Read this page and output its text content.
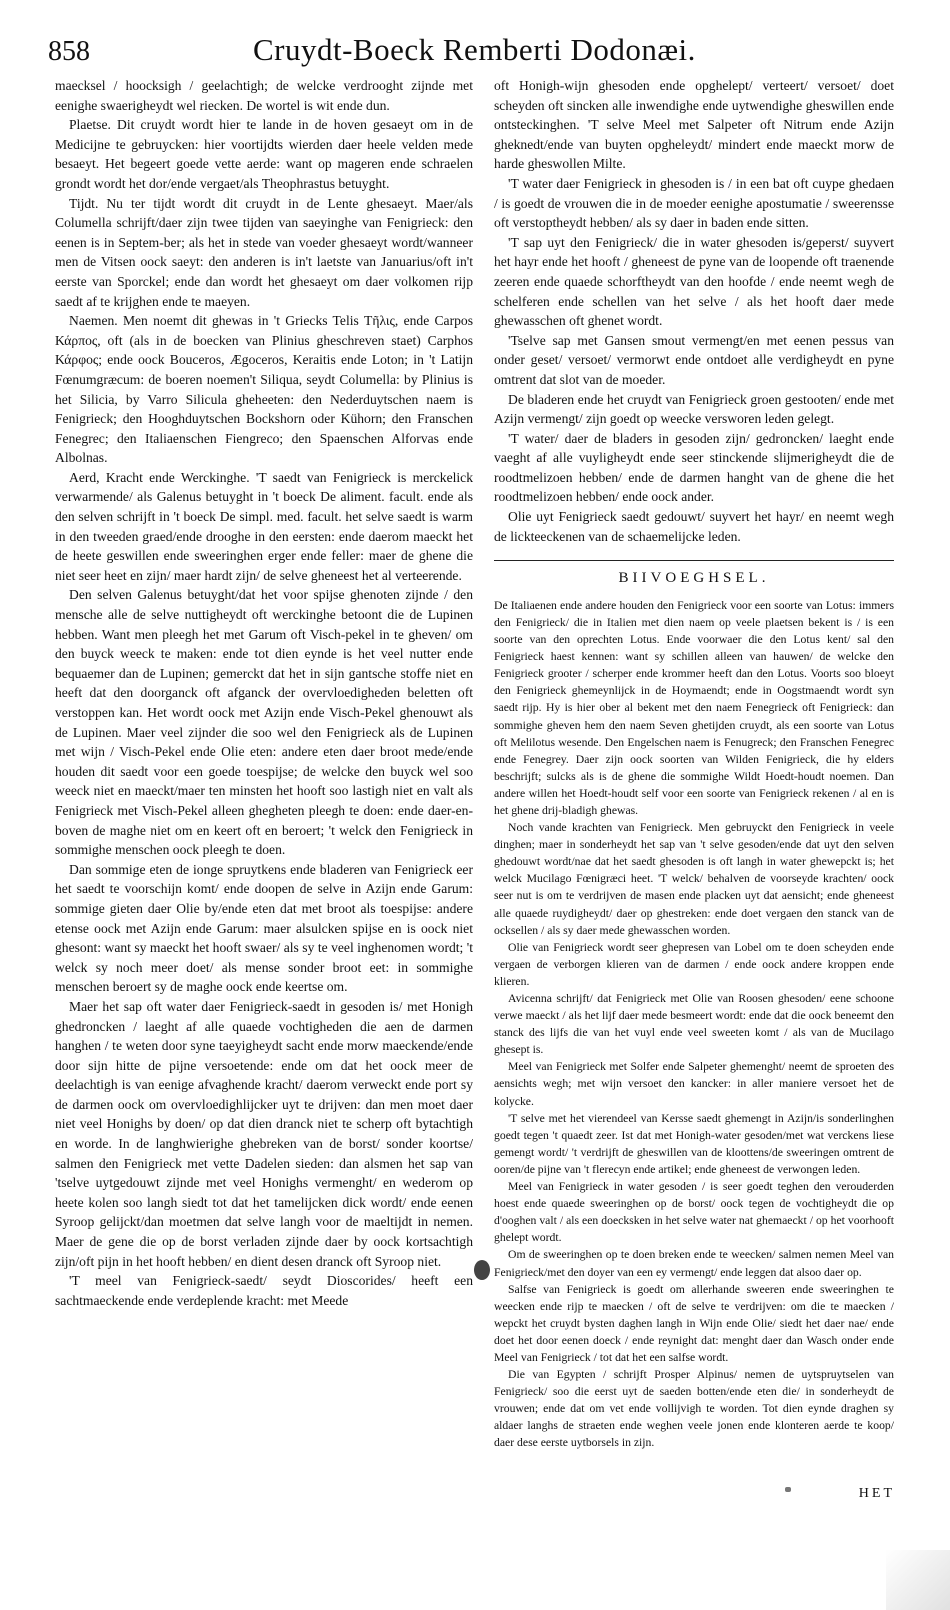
858	Cruydt-Boeck Remberti Dodonæi.

maecksel / hoocksigh / geelachtigh; de welcke verdrooght zijnde met eenighe swaerigheydt wel riecken. De wortel is wit ende dun.

Plaetse. Dit cruydt wordt hier te lande in de hoven gesaeyt om in de Medicijne te gebruycken: hier voortijdts wierden daer heele velden mede besaeyt. Het begeert goede vette aerde: want op mageren ende schraelen grondt wordt het dor/ende vergaet/als Theophrastus betuyght.

Tijdt. Nu ter tijdt wordt dit cruydt in de Lente ghesaeyt. Maer/als Columella schrijft/daer zijn twee tijden van saeyinghe van Fenigrieck: den eenen is in Septem-ber; als het in stede van voeder ghesaeyt wordt/wanneer men de Vitsen oock saeyt: den anderen is in't laetste van Januarius/oft in't eerste van Sporckel; ende dan wordt het ghesaeyt om daer volkomen rijp saedt af te krijghen ende te maeyen.

Naemen. Men noemt dit ghewas in 't Griecks Telis Τῆλις, ende Carpos Κάρπος, oft (als in de boecken van Plinius gheschreven staet) Carphos Κάρφος; ende oock Bouceros, Ægoceros, Keraitis ende Loton; in 't Latijn Fœnumgræcum: de boeren noemen't Siliqua, seydt Columella: by Plinius is het Silicia, by Varro Silicula gheheeten: den Nederduytschen naem is Fenigrieck; den Hooghduytschen Bockshorn oder Kühorn; den Franschen Fenegrec; den Italiaenschen Fiengreco; den Spaenschen Alforvas ende Albolnas.

Aerd, Kracht ende Werckinghe. 'T saedt van Fenigrieck is merckelick verwarmende/ als Galenus betuyght in 't boeck De aliment. facult. ende als den selven schrijft in 't boeck De simpl. med. facult. het selve saedt is warm in den tweeden graed/ende drooghe in den eersten: ende daerom maeckt het de heete geswillen ende sweeringhen erger ende feller: maer de ghene die niet seer heet en zijn/ maer hardt zijn/ de selve gheneest het al verteerende.

Den selven Galenus betuyght/dat het voor spijse ghenoten zijnde / den mensche alle de selve nuttigheydt oft werckinghe betoont die de Lupinen hebben. Want men pleegh het met Garum oft Visch-pekel in te gheven/ om den buyck weeck te maken: ende tot dien eynde is het veel nutter ende bequaemer dan de Lupinen; gemerckt dat het in sijn gantsche stoffe niet en heeft dat den doorganck oft afganck der overvloedigheden beletten oft verstoppen kan. Het wordt oock met Azijn ende Visch-Pekel ghenouwt als de Lupinen. Maer veel zijnder die soo wel den Fenigrieck als de Lupinen met wijn / Visch-Pekel ende Olie eten: andere eten daer broot mede/ende houden dit saedt voor een goede toespijse; de welcke den buyck wel soo weeck niet en maeckt/maer ten minsten het hooft soo lastigh niet en valt als Fenigrieck met Visch-Pekel alleen ghegheten pleegh te doen: ende daer-en-boven de maghe niet om en keert oft en beroert; 't welck den Fenigrieck in sommighe menschen oock pleegh te doen.

Dan sommige eten de ionge spruytkens ende bladeren van Fenigrieck eer het saedt te voorschijn komt/ ende doopen de selve in Azijn ende Garum: sommige gieten daer Olie by/ende eten dat met broot als toespijse: andere etense oock met Azijn ende Garum: maer alsulcken spijse en is oock niet ghesont: want sy maeckt het hooft swaer/ als sy te veel inghenomen wordt; 't welck sy noch meer doet/ als mense sonder broot eet: in sommighe menschen beroert sy de maghe oock ende keertse om.

Maer het sap oft water daer Fenigrieck-saedt in gesoden is/ met Honigh ghedroncken / laeght af alle quaede vochtigheden die aen de darmen hanghen / te weten door syne taeyigheydt sacht ende morw maeckende/ende door sijn hitte de pijne versoetende: ende om dat het oock meer de deelachtigh is van eenige afvaghende kracht/ daerom verweckt ende port sy de darmen oock om overvloedighlijcker uyt te drijven: dan men moet daer niet veel Honighs by doen/ op dat dien dranck niet te scherp oft bytachtigh en worde. In de langhwierighe ghebreken van de borst/ sonder koortse/ salmen den Fenigrieck met vette Dadelen sieden: dan alsmen het sap van 'tselve uytgedouwt zijnde met veel Honighs vermenght/ en wederom op heete kolen soo langh siedt tot dat het tamelijcken dick wordt/ ende eenen Syroop gelijckt/dan moetmen dat selve langh voor de maeltijdt in nemen. Maer de gene die op de borst verladen zijnde daer by oock kortsachtigh zijn/oft pijn in het hooft hebben/ en dient desen dranck oft Syroop niet.

'T meel van Fenigrieck-saedt/ seydt Dioscorides/ heeft een sachtmaeckende ende verdeplende kracht: met Meede

oft Honigh-wijn ghesoden ende opghelept/ verteert/ versoet/ doet scheyden oft sincken alle inwendighe ende uytwendighe gheswillen ende ontsteckinghen. 'T selve Meel met Salpeter oft Nitrum ende Azijn gheknedt/ende van buyten opgheleydt/ mindert ende maeckt morw de harde gheswollen Milte.

'T water daer Fenigrieck in ghesoden is / in een bat oft cuype ghedaen / is goedt de vrouwen die in de moeder eenighe apostumatie / sweerensse oft verstoptheydt hebben/ als sy daer in baden ende sitten.

'T sap uyt den Fenigrieck/ die in water ghesoden is/geperst/ suyvert het hayr ende het hooft / gheneest de pyne van de loopende oft traenende zeeren ende quaede schorftheydt van den hoofde / ende neemt wegh de schelferen ende schellen van het selve / als het hooft daer mede ghewasschen oft ghenet wordt.

'Tselve sap met Gansen smout vermengt/en met eenen pessus van onder geset/ versoet/ vermorwt ende ontdoet alle verdigheydt en pyne omtrent dat slot van de moeder.

De bladeren ende het cruydt van Fenigrieck groen gestooten/ ende met Azijn vermengt/ zijn goedt op weecke versworen leden gelegt.

'T water/ daer de bladers in gesoden zijn/ gedroncken/ laeght ende vaeght af alle vuyligheydt ende seer stinckende slijmerigheydt die de roodtmelizoen hebben/ ende de darmen hanght van de ghene die het roodtmelizoen hebben/ ende oock ander.

Olie uyt Fenigrieck saedt gedouwt/ suyvert het hayr/ en neemt wegh de lickteeckenen van de schaemelijcke leden.

BIIVOEGHSEL.

De Italiaenen ende andere houden den Fenigrieck voor een soorte van Lotus: immers den Fenigrieck/ die in Italien met dien naem op veele plaetsen bekent is / is een soorte van den oprechten Lotus. Ende voorwaer die den Lotus kent/ sal den Fenigrieck haest kennen: want sy schillen alleen van hauwen/ de welcke den Fenigrieck grooter / scherper ende krommer heeft dan den Lotus. Voorts soo bloeyt den Fenigrieck ghemeynlijck in de Hoymaendt; ende in Oogstmaendt wordt syn saedt rijp. Hy is hier ober al bekent met den naem Fenegrieck oft Fenigrieck: dan sommighe gheven hem den naem Seven ghetijden cruydt, als een soorte van Lotus oft Melilotus wesende. Den Engelschen naem is Fenugreck; den Franschen Fenegrec ende Fenegrey. Daer zijn oock soorten van Wilden Fenigrieck, die hy elders beschrijft; sulcks als is de ghene die sommighe Wildt Hoedt-houdt noemen. Dan andere willen het Hoedt-houdt self voor een soorte van Fenigrieck rekenen / al en is het ghene drij-bladigh ghewas.

Noch vande krachten van Fenigrieck. Men gebruyckt den Fenigrieck in veele dinghen; maer in sonderheydt het sap van 't selve gesoden/ende dat uyt den selven ghedouwt wordt/nae dat het saedt ghesoden is oft langh in water ghewepckt is; het welck Mucilago Fœnigræci heet. 'T welck/ behalven de voorseyde krachten/ oock seer nut is om te verdrijven de masen ende placken uyt dat aensicht; ende gheneest alle quaede ruydigheydt/ daer op ghestreken: ende doet vergaen den stanck van de ocksellen / als sy daer mede ghewasschen worden.

Olie van Fenigrieck wordt seer ghepresen van Lobel om te doen scheyden ende vergaen de verborgen klieren van de darmen / ende oock andere kroppen ende klieren.

Avicenna schrijft/ dat Fenigrieck met Olie van Roosen ghesoden/ eene schoone verwe maeckt / als het lijf daer mede besmeert wordt: ende dat die oock beneemt den stanck des lijfs die van het vuyl ende veel sweeten komt / als van de Mucilago ghesept is.

Meel van Fenigrieck met Solfer ende Salpeter ghemenght/ neemt de sproeten des aensichts wegh; met wijn versoet den kancker: in aller maniere versoet het de kolycke.

'T selve met het vierendeel van Kersse saedt ghemengt in Azijn/is sonderlinghen goedt tegen 't quaedt zeer. Ist dat met Honigh-water gesoden/met wat verckens liese gemengt wordt/ 't verdrijft de gheswillen van de kloottens/de sweeringen omtrent de ooren/de pijne van 't flerecyn ende artikel; ende gheneest de verwongen leden.

Meel van Fenigrieck in water gesoden / is seer goedt teghen den verouderden hoest ende quaede sweeringhen op de borst/ oock tegen de vochtigheydt die op d'ooghen valt / als een doecksken in het selve water nat ghemaeckt / op het voorhooft ghelept wordt.

Om de sweeringhen op te doen breken ende te weecken/ salmen nemen Meel van Fenigrieck/met den doyer van een ey vermengt/ ende leggen dat alsoo daer op.

Salfse van Fenigrieck is goedt om allerhande sweeren ende sweeringhen te weecken ende rijp te maecken / oft de selve te verdrijven: om die te maecken / wepckt het cruydt bysten daghen langh in Wijn ende Olie/ siedt het daer nae/ ende doet het door eenen doeck / ende reynight dat: menght daer dan Wasch onder ende Meel van Fenigrieck / tot dat het een salfse wordt.

Die van Egypten / schrijft Prosper Alpinus/ nemen de uytspruytselen van Fenigrieck/ soo die eerst uyt de saeden botten/ende eten die/ in sonderheydt de vrouwen; ende dat om vet ende vollijvigh te worden. Tot dien eynde draghen sy aldaer langhs de straeten ende weghen veele jonen ende klonteren aerde te koop/ daer dese eerste uytborsels in zijn.

HET
